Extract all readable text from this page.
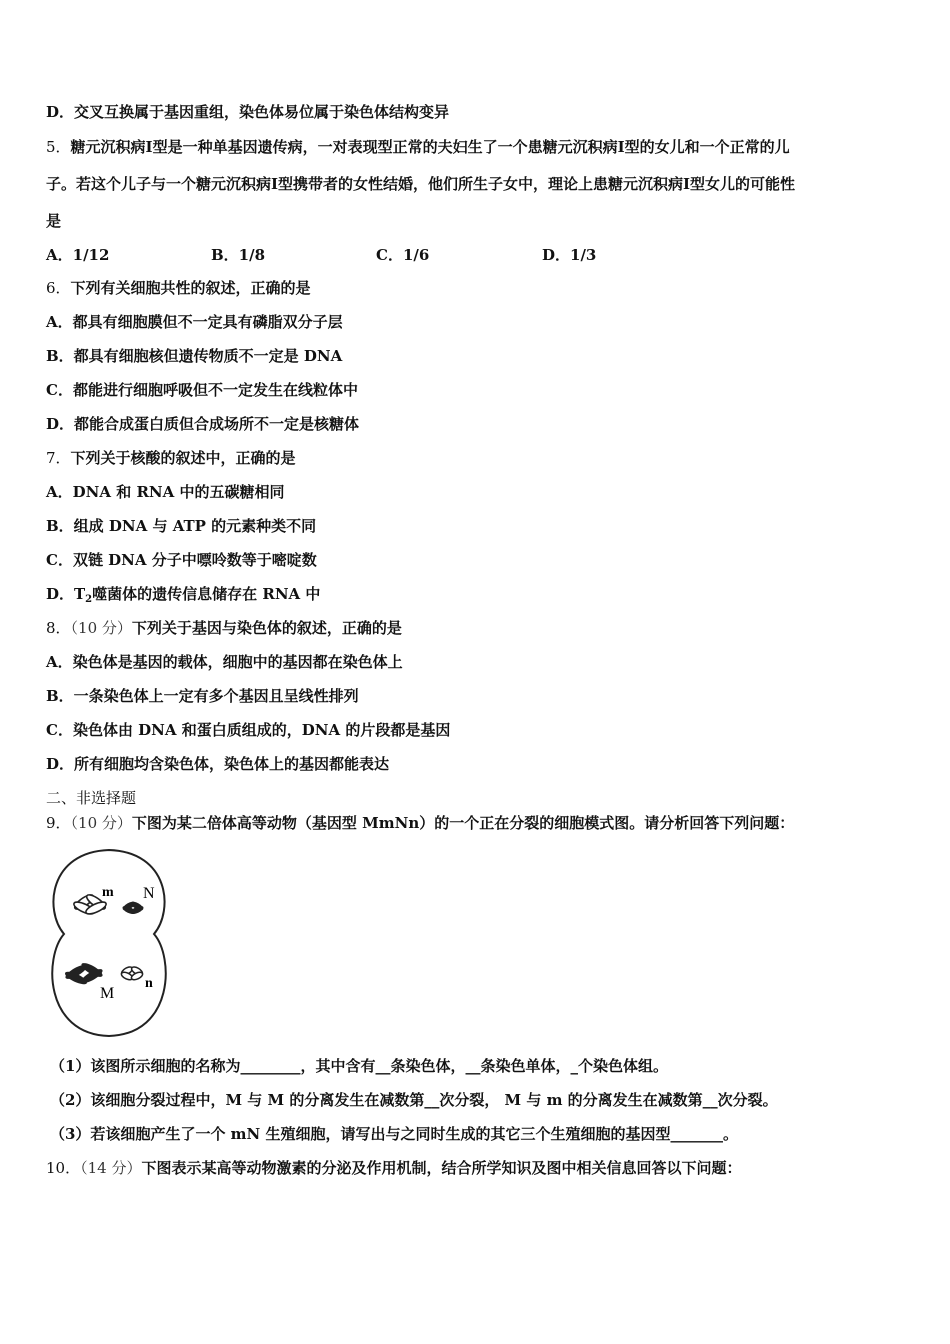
D．交叉互换属于基因重组，染色体易位属于染色体结构变异
5．糖元沉积病Ⅰ型是一种单基因遗传病，一对表现型正常的夫妇生了一个患糖元沉积病Ⅰ型的女儿和一个正常的儿
子。若这个儿子与一个糖元沉积病Ⅰ型携带者的女性结婚，他们所生子女中，理论上患糖元沉积病Ⅰ型女儿的可能性
是
A．1/12	B．1/8	C．1/6	D．1/3
6．下列有关细胞共性的叙述，正确的是
A．都具有细胞膜但不一定具有磷脂双分子层
B．都具有细胞核但遗传物质不一定是 DNA
C．都能进行细胞呼吸但不一定发生在线粒体中
D．都能合成蛋白质但合成场所不一定是核糖体
7．下列关于核酸的叙述中，正确的是
A．DNA 和 RNA 中的五碳糖相同
B．组成 DNA 与 ATP 的元素种类不同
C．双链 DNA 分子中嘌呤数等于嘧啶数
D．$T_2$噬菌体的遗传信息储存在 RNA 中
8．（10 分）下列关于基因与染色体的叙述，正确的是
A．染色体是基因的载体，细胞中的基因都在染色体上
B．一条染色体上一定有多个基因且呈线性排列
C．染色体由 DNA 和蛋白质组成的，DNA 的片段都是基因
D．所有细胞均含染色体，染色体上的基因都能表达
二、非选择题
9．（10 分）下图为某二倍体高等动物（基因型 MmNn）的一个正在分裂的细胞模式图。请分析回答下列问题：
m N
M
n
（1）该图所示细胞的名称为________，其中含有__条染色体，__条染色单体，_个染色体组。
（2）该细胞分裂过程中，M 与 M 的分离发生在减数第__次分裂， M 与 m 的分离发生在减数第__次分裂。
（3）若该细胞产生了一个 mN 生殖细胞，请写出与之同时生成的其它三个生殖细胞的基因型_______。
10．（14 分）下图表示某高等动物激素的分泌及作用机制，结合所学知识及图中相关信息回答以下问题：
